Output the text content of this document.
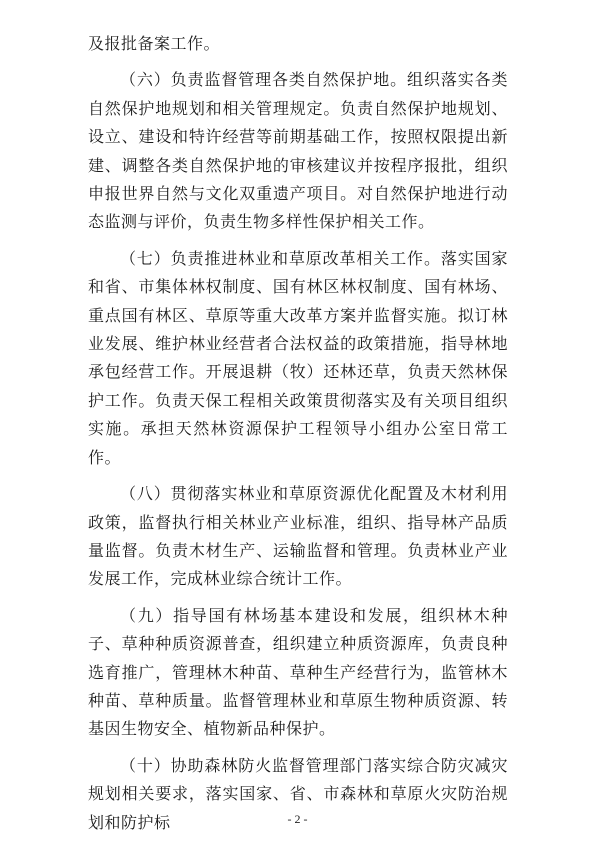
及报批备案工作。

（六）负责监督管理各类自然保护地。组织落实各类自然保护地规划和相关管理规定。负责自然保护地规划、设立、建设和特许经营等前期基础工作，按照权限提出新建、调整各类自然保护地的审核建议并按程序报批，组织申报世界自然与文化双重遗产项目。对自然保护地进行动态监测与评价，负责生物多样性保护相关工作。

（七）负责推进林业和草原改革相关工作。落实国家和省、市集体林权制度、国有林区林权制度、国有林场、重点国有林区、草原等重大改革方案并监督实施。拟订林业发展、维护林业经营者合法权益的政策措施，指导林地承包经营工作。开展退耕（牧）还林还草，负责天然林保护工作。负责天保工程相关政策贯彻落实及有关项目组织实施。承担天然林资源保护工程领导小组办公室日常工作。

（八）贯彻落实林业和草原资源优化配置及木材利用政策，监督执行相关林业产业标准，组织、指导林产品质量监督。负责木材生产、运输监督和管理。负责林业产业发展工作，完成林业综合统计工作。

（九）指导国有林场基本建设和发展，组织林木种子、草种种质资源普查，组织建立种质资源库，负责良种选育推广，管理林木种苗、草种生产经营行为，监管林木种苗、草种质量。监督管理林业和草原生物种质资源、转基因生物安全、植物新品种保护。

（十）协助森林防火监督管理部门落实综合防灾减灾规划相关要求，落实国家、省、市森林和草原火灾防治规划和防护标	- 2 -
